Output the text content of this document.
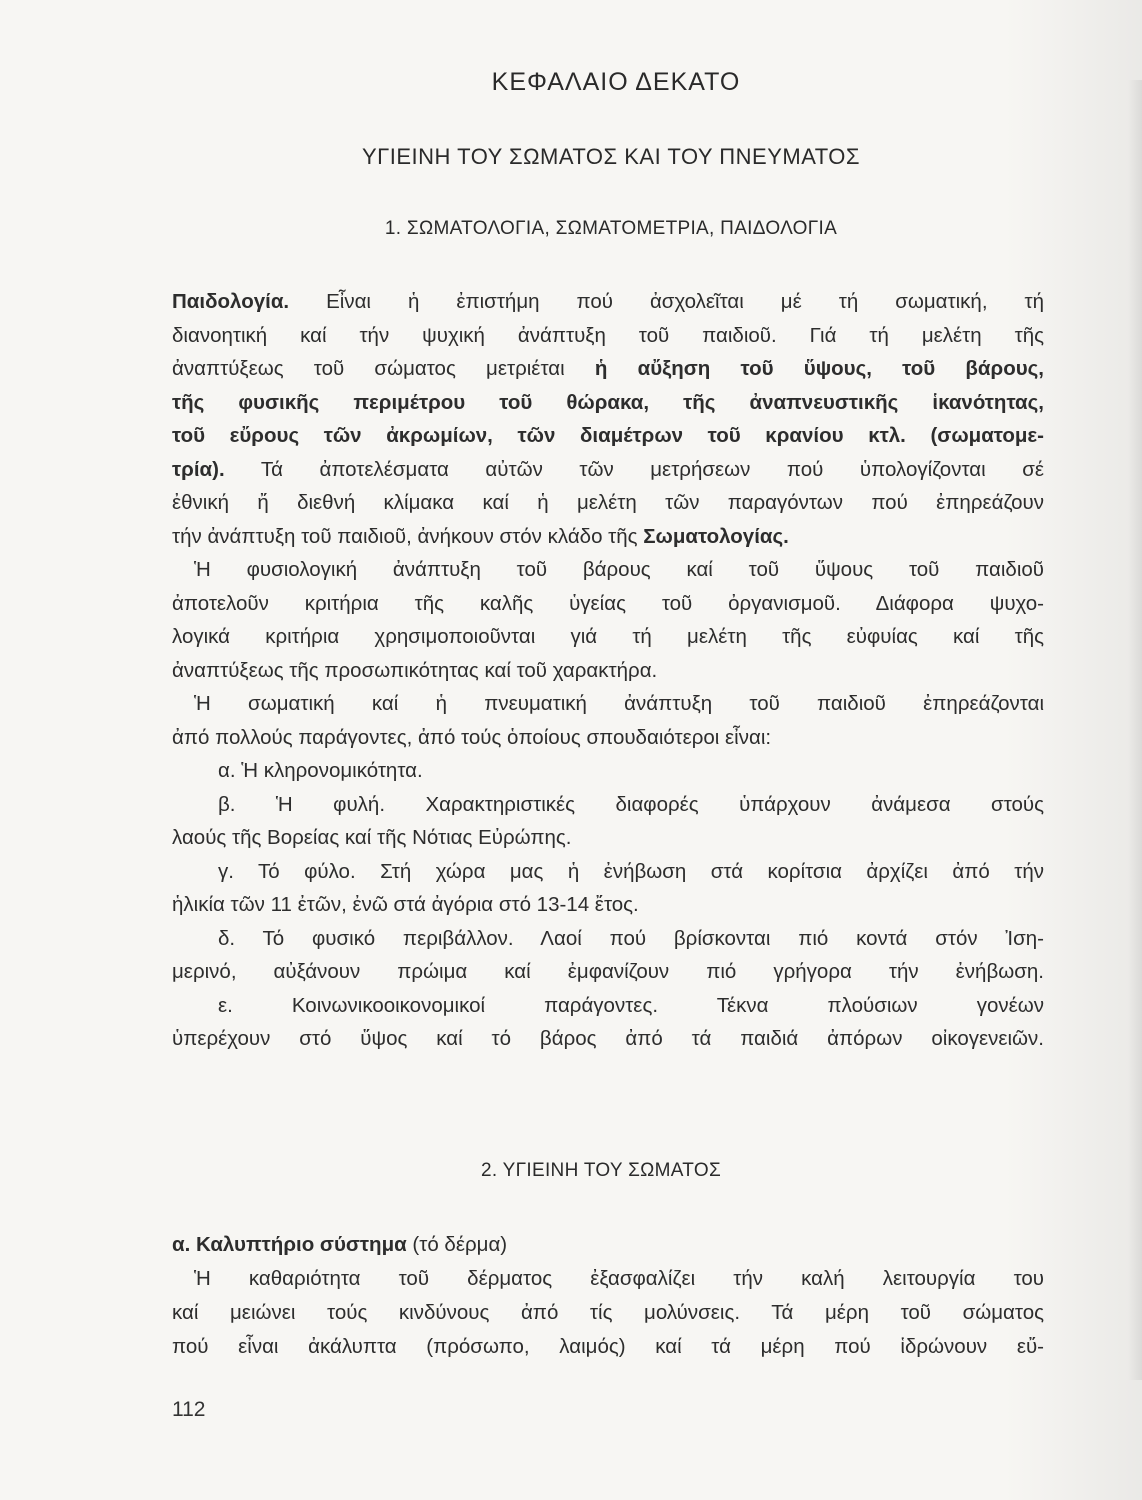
ΚΕΦΑΛΑΙΟ ΔΕΚΑΤΟ
ΥΓΙΕΙΝΗ ΤΟΥ ΣΩΜΑΤΟΣ ΚΑΙ ΤΟΥ ΠΝΕΥΜΑΤΟΣ
1. ΣΩΜΑΤΟΛΟΓΙΑ, ΣΩΜΑΤΟΜΕΤΡΙΑ, ΠΑΙΔΟΛΟΓΙΑ
Παιδολογία. Εἶναι ἡ ἐπιστήμη πού ἀσχολεῖται μέ τή σωματική, τή
διανοητική καί τήν ψυχική ἀνάπτυξη τοῦ παιδιοῦ. Γιά τή μελέτη τῆς
ἀναπτύξεως τοῦ σώματος μετριέται ἡ αὔξηση τοῦ ὕψους, τοῦ βάρους,
τῆς φυσικῆς περιμέτρου τοῦ θώρακα, τῆς ἀναπνευστικῆς ἱκανότητας,
τοῦ εὔρους τῶν ἀκρωμίων, τῶν διαμέτρων τοῦ κρανίου κτλ. (σωματομε-
τρία). Τά ἀποτελέσματα αὐτῶν τῶν μετρήσεων πού ὑπολογίζονται σέ
ἐθνική ἤ διεθνή κλίμακα καί ἡ μελέτη τῶν παραγόντων πού ἐπηρεάζουν
τήν ἀνάπτυξη τοῦ παιδιοῦ, ἀνήκουν στόν κλάδο τῆς Σωματολογίας.
Ἡ φυσιολογική ἀνάπτυξη τοῦ βάρους καί τοῦ ὕψους τοῦ παιδιοῦ
ἀποτελοῦν κριτήρια τῆς καλῆς ὑγείας τοῦ ὀργανισμοῦ. Διάφορα ψυχο-
λογικά κριτήρια χρησιμοποιοῦνται γιά τή μελέτη τῆς εὐφυίας καί τῆς
ἀναπτύξεως τῆς προσωπικότητας καί τοῦ χαρακτήρα.
Ἡ σωματική καί ἡ πνευματική ἀνάπτυξη τοῦ παιδιοῦ ἐπηρεάζονται
ἀπό πολλούς παράγοντες, ἀπό τούς ὁποίους σπουδαιότεροι εἶναι:
α. Ἡ κληρονομικότητα.
β. Ἡ φυλή. Χαρακτηριστικές διαφορές ὑπάρχουν ἀνάμεσα στούς
λαούς τῆς Βορείας καί τῆς Νότιας Εὐρώπης.
γ. Τό φύλο. Στή χώρα μας ἡ ἐνήβωση στά κορίτσια ἀρχίζει ἀπό τήν
ἡλικία τῶν 11 ἐτῶν, ἐνῶ στά ἀγόρια στό 13-14 ἔτος.
δ. Τό φυσικό περιβάλλον. Λαοί πού βρίσκονται πιό κοντά στόν Ἰση-
μερινό, αὐξάνουν πρώιμα καί ἐμφανίζουν πιό γρήγορα τήν ἐνήβωση.
ε. Κοινωνικοοικονομικοί παράγοντες. Τέκνα πλούσιων γονέων
ὑπερέχουν στό ὕψος καί τό βάρος ἀπό τά παιδιά ἀπόρων οἰκογενειῶν.
2. ΥΓΙΕΙΝΗ ΤΟΥ ΣΩΜΑΤΟΣ
α. Καλυπτήριο σύστημα (τό δέρμα)
Ἡ καθαριότητα τοῦ δέρματος ἐξασφαλίζει τήν καλή λειτουργία του
καί μειώνει τούς κινδύνους ἀπό τίς μολύνσεις. Τά μέρη τοῦ σώματος
πού εἶναι ἀκάλυπτα (πρόσωπο, λαιμός) καί τά μέρη πού ἱδρώνουν εὔ-
112
